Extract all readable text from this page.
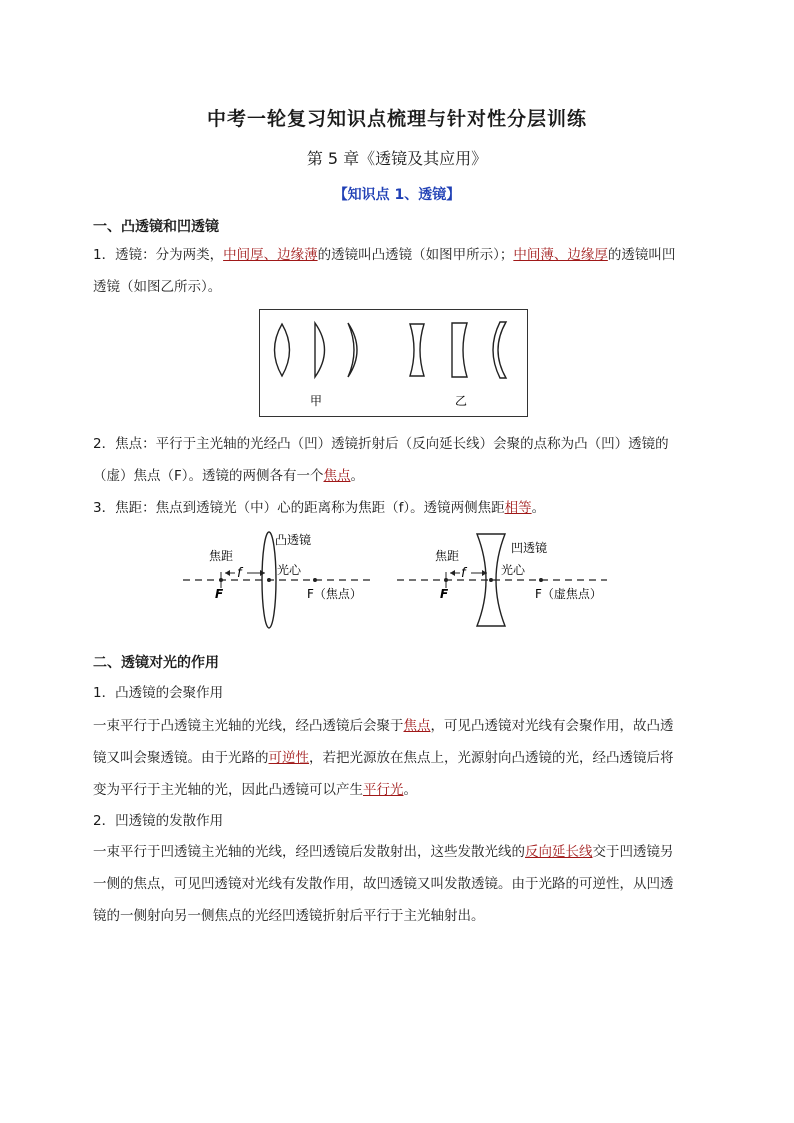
中考一轮复习知识点梳理与针对性分层训练
第 5 章《透镜及其应用》
【知识点 1、透镜】
一、凸透镜和凹透镜
1．透镜：分为两类，中间厚、边缘薄的透镜叫凸透镜（如图甲所示）；中间薄、边缘厚的透镜叫凹
透镜（如图乙所示）。
甲	乙
2．焦点：平行于主光轴的光经凸（凹）透镜折射后（反向延长线）会聚的点称为凸（凹）透镜的
（虚）焦点（F）。透镜的两侧各有一个焦点。
3．焦距：焦点到透镜光（中）心的距离称为焦距（f）。透镜两侧焦距相等。
焦距
f
凸透镜
光心
F	F（焦点）
焦距
f
凹透镜
光心
F	F（虚焦点）
二、透镜对光的作用
1．凸透镜的会聚作用
一束平行于凸透镜主光轴的光线，经凸透镜后会聚于焦点，可见凸透镜对光线有会聚作用，故凸透
镜又叫会聚透镜。由于光路的可逆性，若把光源放在焦点上，光源射向凸透镜的光，经凸透镜后将
变为平行于主光轴的光，因此凸透镜可以产生平行光。
2．凹透镜的发散作用
一束平行于凹透镜主光轴的光线，经凹透镜后发散射出，这些发散光线的反向延长线交于凹透镜另
一侧的焦点，可见凹透镜对光线有发散作用，故凹透镜又叫发散透镜。由于光路的可逆性，从凹透
镜的一侧射向另一侧焦点的光经凹透镜折射后平行于主光轴射出。
